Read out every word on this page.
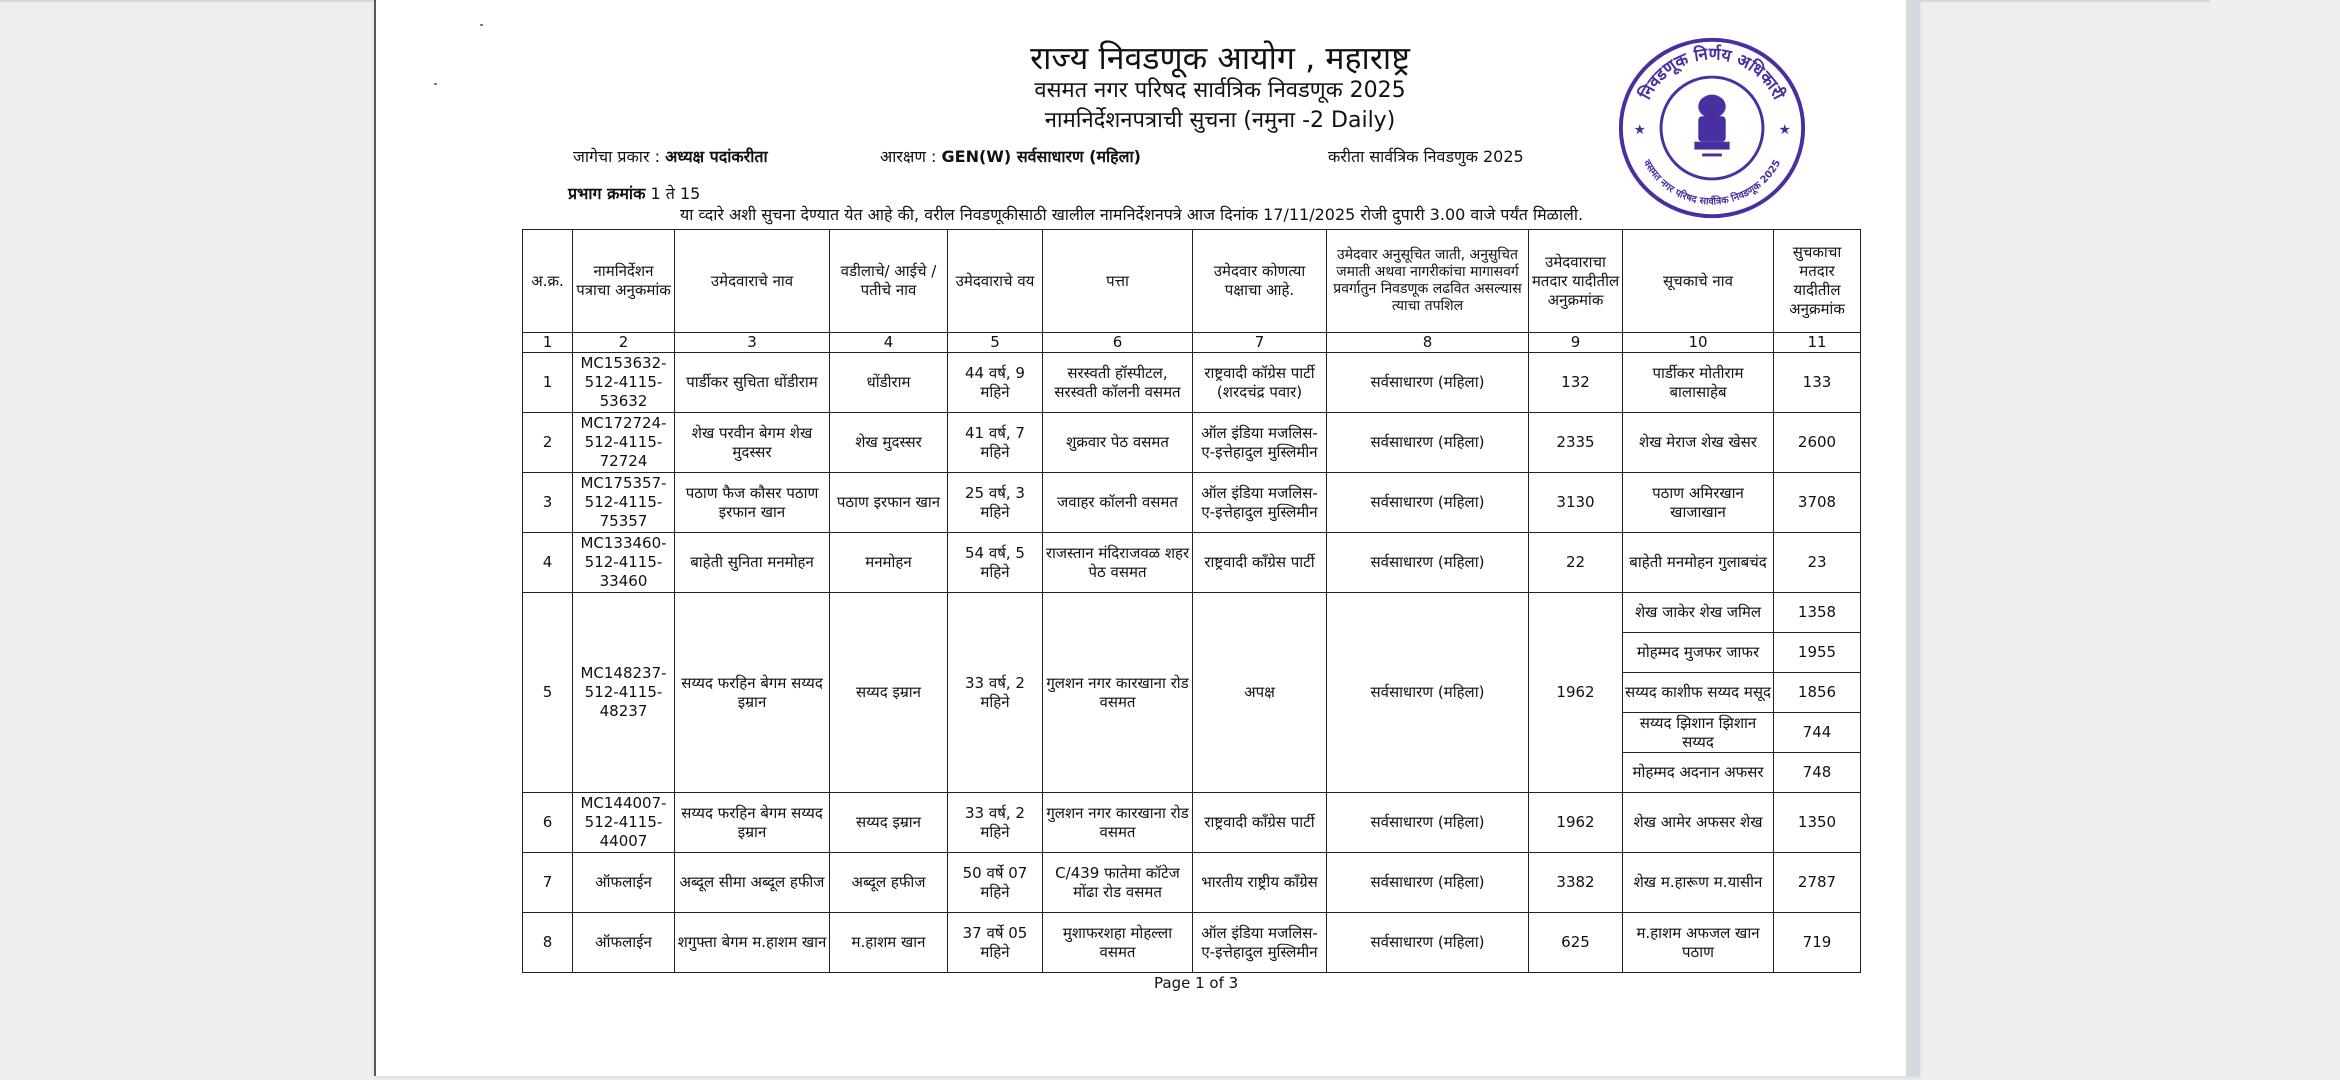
राज्य निवडणूक आयोग , महाराष्ट्र
वसमत नगर परिषद सार्वत्रिक निवडणूक 2025
नामनिर्देशनपत्राची सुचना (नमुना -2 Daily)
जागेचा प्रकार : अध्यक्ष पदांकरीता	आरक्षण : GEN(W) सर्वसाधारण (महिला)	करीता सार्वत्रिक निवडणुक 2025
प्रभाग क्रमांक 1 ते 15
या व्दारे अशी सुचना देण्यात येत आहे की, वरील निवडणूकीसाठी खालील नामनिर्देशनपत्रे आज दिनांक 17/11/2025 रोजी दुपारी 3.00 वाजे पर्यंत मिळाली.
निवडणूक निर्णय अधिकारी
वसमत नगर परिषद सार्वत्रिक निवडणूक 2025
★	★
अ.क्र.	नामनिर्देशन पत्राचा अनुकमांक	उमेदवाराचे नाव	वडीलाचे/ आईचे / पतीचे नाव	उमेदवाराचे वय	पत्ता	उमेदवार कोणत्या पक्षाचा आहे.	उमेदवार अनुसूचित जाती, अनुसुचित जमाती अथवा नागरीकांचा मागासवर्ग प्रवर्गातुन निवडणूक लढवित असल्यास त्याचा तपशिल	उमेदवाराचा मतदार यादीतील अनुक्रमांक	सूचकाचे नाव	सुचकाचा मतदार यादीतील अनुक्रमांक
1	2	3	4	5	6	7	8	9	10	11
1	MC153632-512-4115-53632	पार्डीकर सुचिता धोंडीराम	धोंडीराम	44 वर्ष, 9 महिने	सरस्वती हॉस्पीटल, सरस्वती कॉलनी वसमत	राष्ट्रवादी कॉग्रेस पार्टी (शरदचंद्र पवार)	सर्वसाधारण (महिला)	132	पार्डीकर मोतीराम बालासाहेब	133
2	MC172724-512-4115-72724	शेख परवीन बेगम शेख मुदस्सर	शेख मुदस्सर	41 वर्ष, 7 महिने	शुक्रवार पेठ वसमत	ऑल इंडिया मजलिस-ए-इत्तेहादुल मुस्लिमीन	सर्वसाधारण (महिला)	2335	शेख मेराज शेख खेसर	2600
3	MC175357-512-4115-75357	पठाण फैज कौसर पठाण इरफान खान	पठाण इरफान खान	25 वर्ष, 3 महिने	जवाहर कॉलनी वसमत	ऑल इंडिया मजलिस-ए-इत्तेहादुल मुस्लिमीन	सर्वसाधारण (महिला)	3130	पठाण अमिरखान खाजाखान	3708
4	MC133460-512-4115-33460	बाहेती सुनिता मनमोहन	मनमोहन	54 वर्ष, 5 महिने	राजस्तान मंदिराजवळ शहर पेठ वसमत	राष्ट्रवादी कॉंग्रेस पार्टी	सर्वसाधारण (महिला)	22	बाहेती मनमोहन गुलाबचंद	23
5	MC148237-512-4115-48237	सय्यद फरहिन बेगम सय्यद इम्रान	सय्यद इम्रान	33 वर्ष, 2 महिने	गुलशन नगर कारखाना रोड वसमत	अपक्ष	सर्वसाधारण (महिला)	1962	शेख जाकेर शेख जमिल	1358
									मोहम्मद मुजफर जाफर	1955
									सय्यद काशीफ सय्यद मसूद	1856
									सय्यद झिशान झिशान सय्यद	744
									मोहम्मद अदनान अफसर	748
6	MC144007-512-4115-44007	सय्यद फरहिन बेगम सय्यद इम्रान	सय्यद इम्रान	33 वर्ष, 2 महिने	गुलशन नगर कारखाना रोड वसमत	राष्ट्रवादी कॉंग्रेस पार्टी	सर्वसाधारण (महिला)	1962	शेख आमेर अफसर शेख	1350
7	ऑफलाईन	अब्दूल सीमा अब्दूल हफीज	अब्दूल हफीज	50 वर्षे 07 महिने	C/439 फातेमा कॉटेज मोंढा रोड वसमत	भारतीय राष्ट्रीय कॉंग्रेस	सर्वसाधारण (महिला)	3382	शेख म.हारूण म.यासीन	2787
8	ऑफलाईन	शगुफ्ता बेगम म.हाशम खान	म.हाशम खान	37 वर्षे 05 महिने	मुशाफरशहा मोहल्ला वसमत	ऑल इंडिया मजलिस-ए-इत्तेहादुल मुस्लिमीन	सर्वसाधारण (महिला)	625	म.हाशम अफजल खान पठाण	719
Page 1 of 3
